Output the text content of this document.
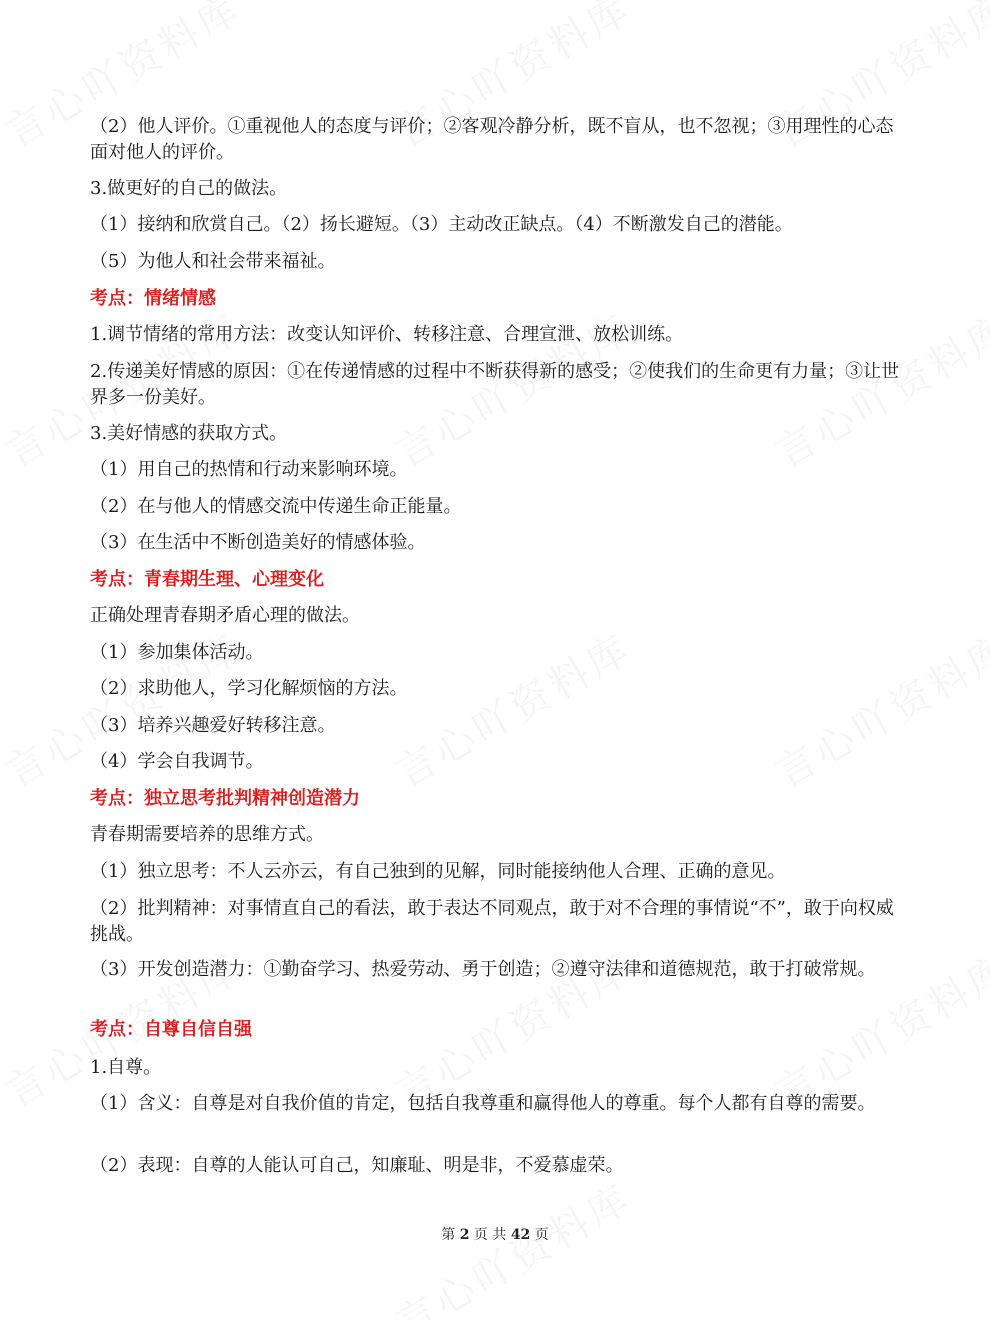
（2）他人评价。①重视他人的态度与评价；②客观冷静分析，既不盲从，也不忽视；③用理性的心态面对他人的评价。

3.做更好的自己的做法。

（1）接纳和欣赏自己。（2）扬长避短。（3）主动改正缺点。（4）不断激发自己的潜能。

（5）为他人和社会带来福祉。

考点：情绪情感

1.调节情绪的常用方法：改变认知评价、转移注意、合理宣泄、放松训练。

2.传递美好情感的原因：①在传递情感的过程中不断获得新的感受；②使我们的生命更有力量；③让世界多一份美好。

3.美好情感的获取方式。

（1）用自己的热情和行动来影响环境。

（2）在与他人的情感交流中传递生命正能量。

（3）在生活中不断创造美好的情感体验。

考点：青春期生理、心理变化

正确处理青春期矛盾心理的做法。

（1）参加集体活动。

（2）求助他人，学习化解烦恼的方法。

（3）培养兴趣爱好转移注意。

（4）学会自我调节。

考点：独立思考批判精神创造潜力

青春期需要培养的思维方式。

（1）独立思考：不人云亦云，有自己独到的见解，同时能接纳他人合理、正确的意见。

（2）批判精神：对事情直自己的看法，敢于表达不同观点，敢于对不合理的事情说“不”，敢于向权威挑战。

（3）开发创造潜力：①勤奋学习、热爱劳动、勇于创造；②遵守法律和道德规范，敢于打破常规。

考点：自尊自信自强

1.自尊。

（1）含义：自尊是对自我价值的肯定，包括自我尊重和赢得他人的尊重。每个人都有自尊的需要。

（2）表现：自尊的人能认可自己，知廉耻、明是非，不爱慕虚荣。

第 2 页 共 42 页
